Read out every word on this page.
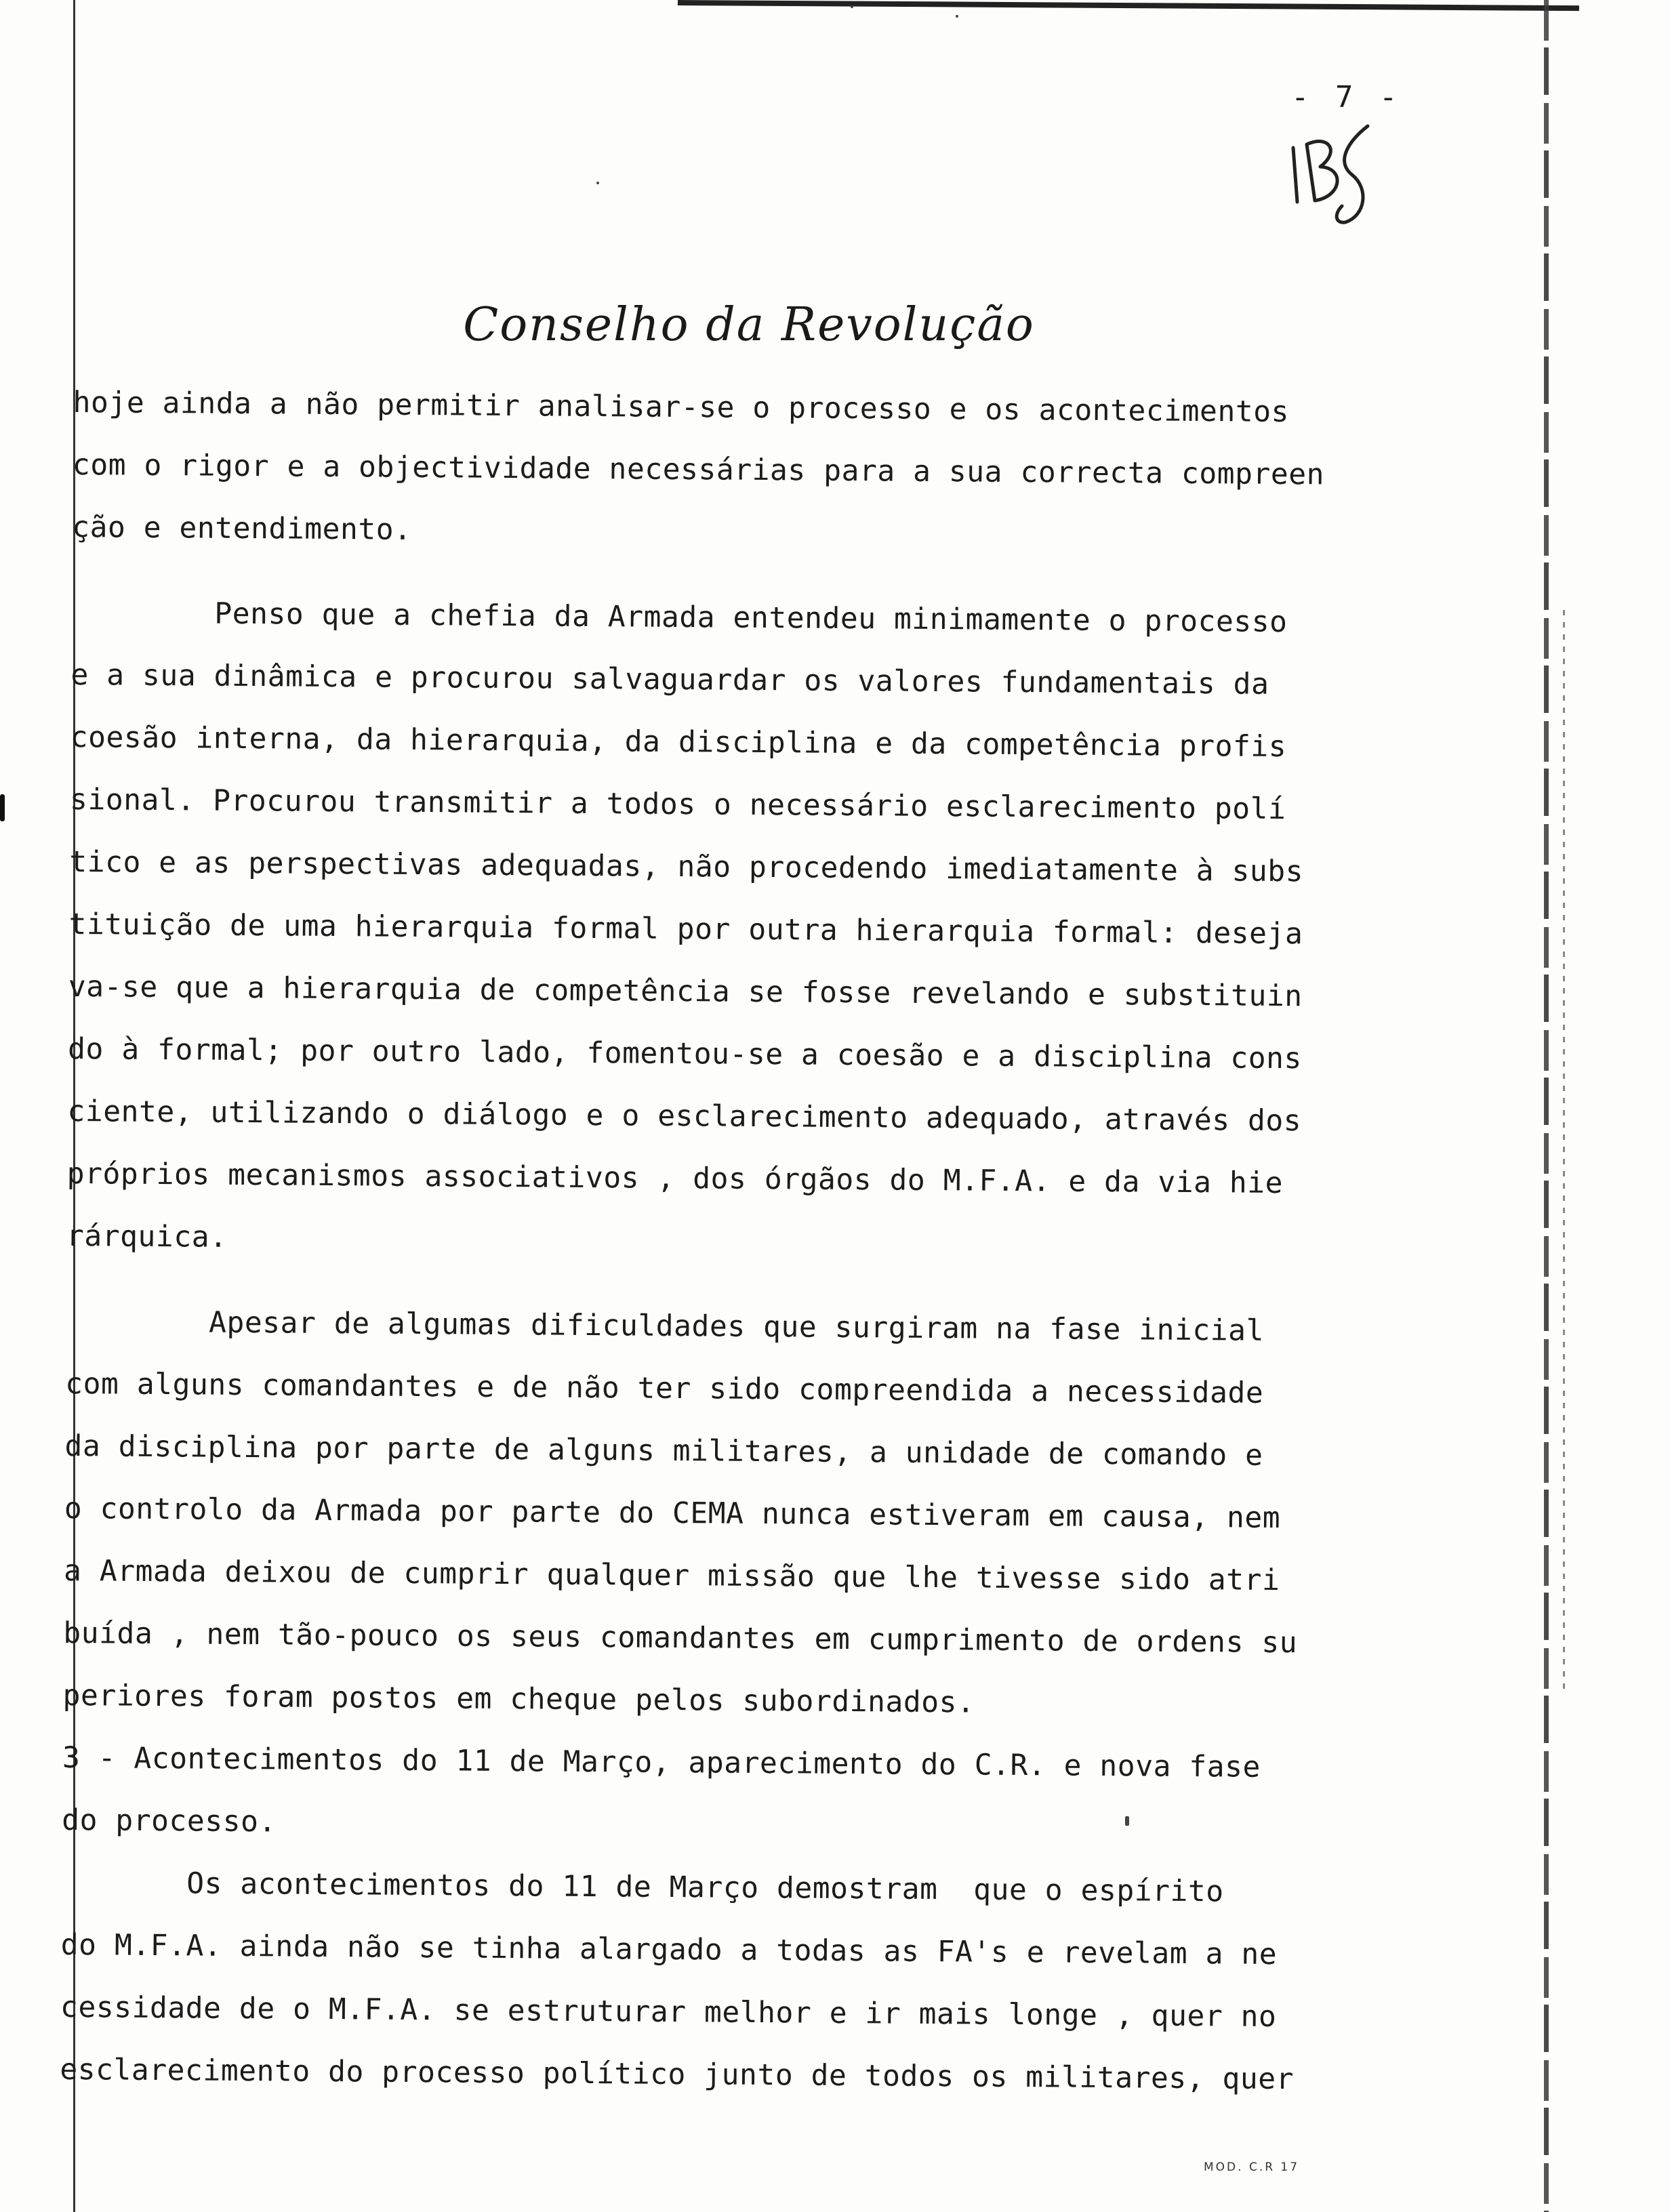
- 7 -
Conselho da Revolução
hoje ainda a não permitir analisar-se o processo e os acontecimentos
com o rigor e a objectividade necessárias para a sua correcta compreen
ção e entendimento.
Penso que a chefia da Armada entendeu minimamente o processo
e a sua dinâmica e procurou salvaguardar os valores fundamentais da
coesão interna, da hierarquia, da disciplina e da competência profis
sional. Procurou transmitir a todos o necessário esclarecimento polí
tico e as perspectivas adequadas, não procedendo imediatamente à subs
tituição de uma hierarquia formal por outra hierarquia formal: deseja
va-se que a hierarquia de competência se fosse revelando e substituin
do à formal; por outro lado, fomentou-se a coesão e a disciplina cons
ciente, utilizando o diálogo e o esclarecimento adequado, através dos
próprios mecanismos associativos , dos órgãos do M.F.A. e da via hie
rárquica.
Apesar de algumas dificuldades que surgiram na fase inicial
com alguns comandantes e de não ter sido compreendida a necessidade
da disciplina por parte de alguns militares, a unidade de comando e
o controlo da Armada por parte do CEMA nunca estiveram em causa, nem
a Armada deixou de cumprir qualquer missão que lhe tivesse sido atri
buída , nem tão-pouco os seus comandantes em cumprimento de ordens su
periores foram postos em cheque pelos subordinados.
3 - Acontecimentos do 11 de Março, aparecimento do C.R. e nova fase
do processo.
Os acontecimentos do 11 de Março demostram  que o espírito
do M.F.A. ainda não se tinha alargado a todas as FA's e revelam a ne
cessidade de o M.F.A. se estruturar melhor e ir mais longe , quer no
esclarecimento do processo político junto de todos os militares, quer
MOD. C.R 17
